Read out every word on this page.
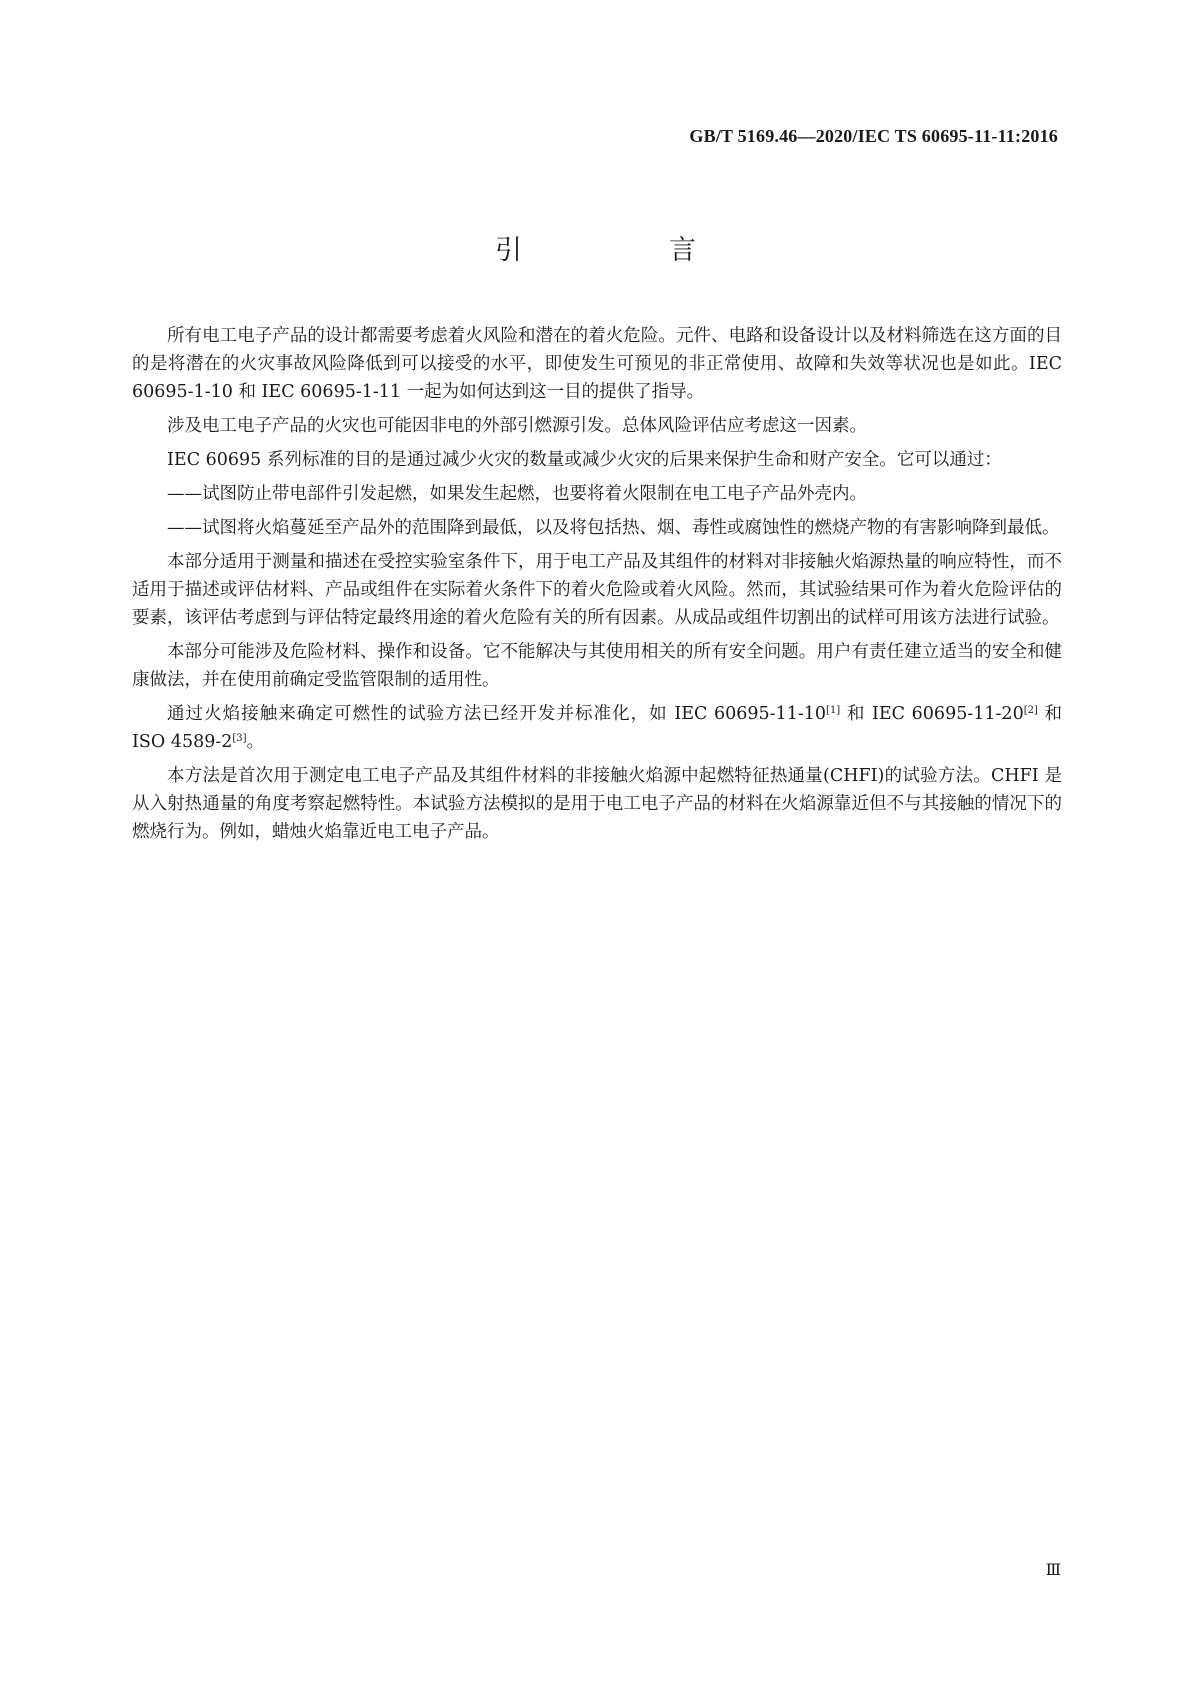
GB/T 5169.46—2020/IEC TS 60695-11-11:2016
引　言

所有电工电子产品的设计都需要考虑着火风险和潜在的着火危险。元件、电路和设备设计以及材料筛选在这方面的目的是将潜在的火灾事故风险降低到可以接受的水平，即使发生可预见的非正常使用、故障和失效等状况也是如此。IEC 60695-1-10 和 IEC 60695-1-11 一起为如何达到这一目的提供了指导。

涉及电工电子产品的火灾也可能因非电的外部引燃源引发。总体风险评估应考虑这一因素。

IEC 60695 系列标准的目的是通过减少火灾的数量或减少火灾的后果来保护生命和财产安全。它可以通过：

——试图防止带电部件引发起燃，如果发生起燃，也要将着火限制在电工电子产品外壳内。

——试图将火焰蔓延至产品外的范围降到最低，以及将包括热、烟、毒性或腐蚀性的燃烧产物的有害影响降到最低。

本部分适用于测量和描述在受控实验室条件下，用于电工产品及其组件的材料对非接触火焰源热量的响应特性，而不适用于描述或评估材料、产品或组件在实际着火条件下的着火危险或着火风险。然而，其试验结果可作为着火危险评估的要素，该评估考虑到与评估特定最终用途的着火危险有关的所有因素。从成品或组件切割出的试样可用该方法进行试验。

本部分可能涉及危险材料、操作和设备。它不能解决与其使用相关的所有安全问题。用户有责任建立适当的安全和健康做法，并在使用前确定受监管限制的适用性。

通过火焰接触来确定可燃性的试验方法已经开发并标准化，如 IEC 60695-11-10[1] 和 IEC 60695-11-20[2] 和 ISO 4589-2[3]。

本方法是首次用于测定电工电子产品及其组件材料的非接触火焰源中起燃特征热通量(CHFI)的试验方法。CHFI 是从入射热通量的角度考察起燃特性。本试验方法模拟的是用于电工电子产品的材料在火焰源靠近但不与其接触的情况下的燃烧行为。例如，蜡烛火焰靠近电工电子产品。

Ⅲ
